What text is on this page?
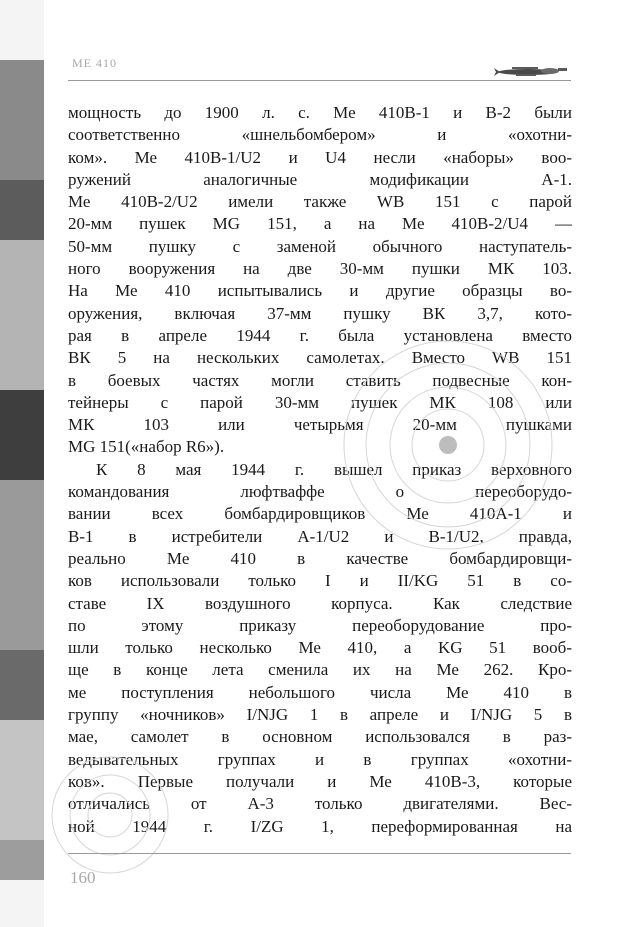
ME 410
мощность до 1900 л. с. Ме 410В-1 и В-2 были
соответственно «шнельбомбером» и «охотни-
ком». Ме 410В-1/U2 и U4 несли «наборы» воо-
ружений аналогичные модификации А-1.
Ме 410В-2/U2 имели также WB 151 с парой
20-мм пушек MG 151, а на Ме 410В-2/U4 —
50-мм пушку с заменой обычного наступатель-
ного вооружения на две 30-мм пушки МК 103.
На Ме 410 испытывались и другие образцы во-
оружения, включая 37-мм пушку ВК 3,7, кото-
рая в апреле 1944 г. была установлена вместо
ВК 5 на нескольких самолетах. Вместо WB 151
в боевых частях могли ставить подвесные кон-
тейнеры с парой 30-мм пушек МК 108 или
МК 103 или четырьмя 20-мм пушками
MG 151(«набор R6»).
К 8 мая 1944 г. вышел приказ верховного
командования люфтваффе о переоборудо-
вании всех бомбардировщиков Ме 410А-1 и
В-1 в истребители А-1/U2 и В-1/U2, правда,
реально Ме 410 в качестве бомбардировщи-
ков использовали только I и II/KG 51 в со-
ставе IX воздушного корпуса. Как следствие
по этому приказу переоборудование про-
шли только несколько Ме 410, а KG 51 вооб-
ще в конце лета сменила их на Ме 262. Кро-
ме поступления небольшого числа Ме 410 в
группу «ночников» I/NJG 1 в апреле и I/NJG 5 в
мае, самолет в основном использовался в раз-
ведывательных группах и в группах «охотни-
ков». Первые получали и Ме 410В-3, которые
отличались от А-3 только двигателями. Вес-
ной 1944 г. I/ZG 1, переформированная на
160
